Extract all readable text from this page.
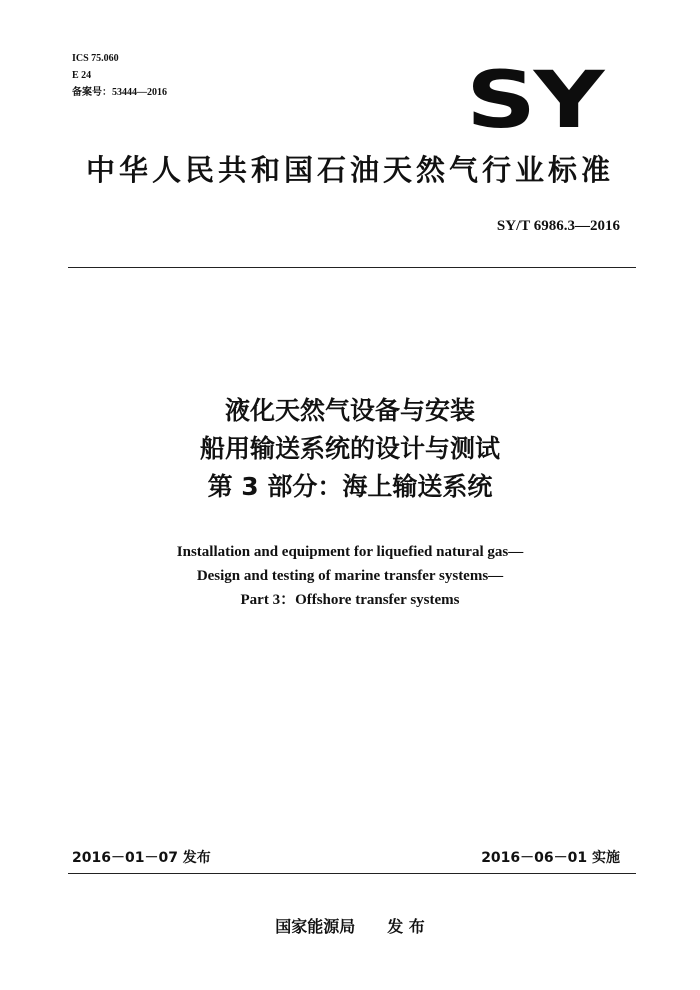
ICS 75.060
E 24
备案号：53444—2016	SY
中华人民共和国石油天然气行业标准
SY/T 6986.3—2016
液化天然气设备与安装
船用输送系统的设计与测试
第 3 部分：海上输送系统
Installation and equipment for liquefied natural gas—
Design and testing of marine transfer systems—
Part 3：Offshore transfer systems
2016－01－07 发布	2016－06－01 实施
国家能源局 发 布
